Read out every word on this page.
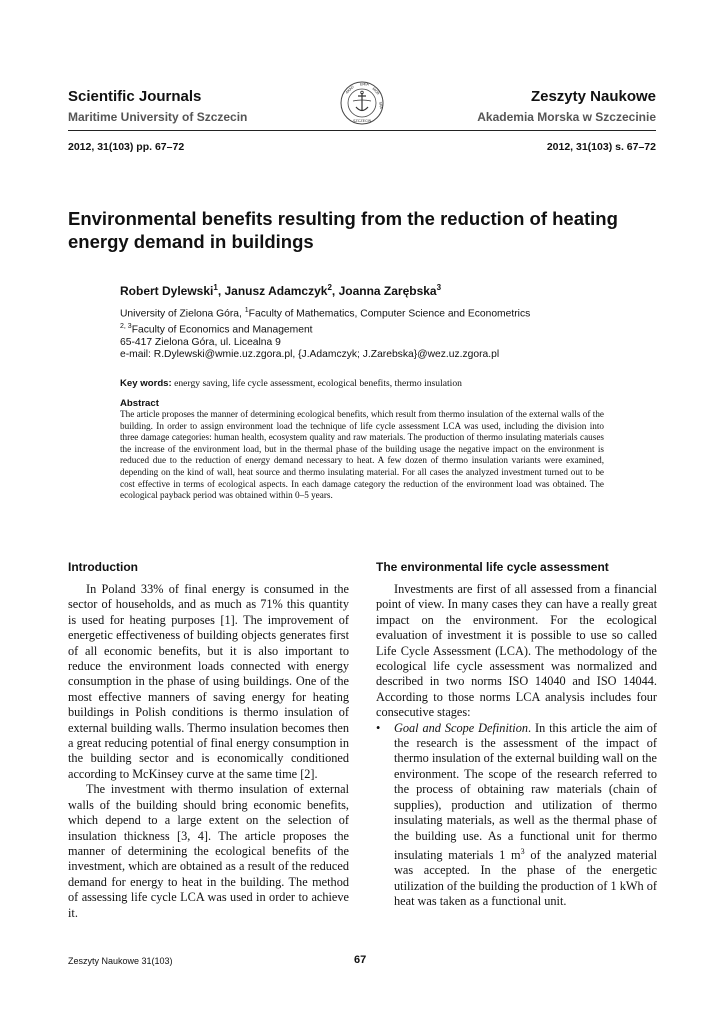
Scientific Journals
Maritime University of Szczecin
AKAD
EMIA
MOR
SKA
SZCZECIN
Zeszyty Naukowe
Akademia Morska w Szczecinie
2012, 31(103) pp. 67–72	2012, 31(103) s. 67–72
Environmental benefits resulting from the reduction of heating energy demand in buildings
Robert Dylewski$^1$, Janusz Adamczyk$^2$, Joanna Zarębska$^3$
University of Zielona Góra, $^1$Faculty of Mathematics, Computer Science and Econometrics
$^{2, 3}$Faculty of Economics and Management
65-417 Zielona Góra, ul. Licealna 9
e-mail: R.Dylewski@wmie.uz.zgora.pl, {J.Adamczyk; J.Zarebska}@wez.uz.zgora.pl
Key words: energy saving, life cycle assessment, ecological benefits, thermo insulation
Abstract
The article proposes the manner of determining ecological benefits, which result from thermo insulation of the external walls of the building. In order to assign environment load the technique of life cycle assessment LCA was used, including the division into three damage categories: human health, ecosystem quality and raw materials. The production of thermo insulating materials causes the increase of the environment load, but in the thermal phase of the building usage the negative impact on the environment is reduced due to the reduction of energy demand necessary to heat. A few dozen of thermo insulation variants were examined, depending on the kind of wall, heat source and thermo insulating material. For all cases the analyzed investment turned out to be cost effective in terms of ecological aspects. In each damage category the reduction of the environment load was obtained. The ecological payback period was obtained within 0–5 years.
Introduction

In Poland 33% of final energy is consumed in the sector of households, and as much as 71% this quantity is used for heating purposes [1]. The improvement of energetic effectiveness of building objects generates first of all economic benefits, but it is also important to reduce the environment loads connected with energy consumption in the phase of using buildings. One of the most effective manners of saving energy for heating buildings in Polish conditions is thermo insulation of external building walls. Thermo insulation becomes then a great reducing potential of final energy consumption in the building sector and is economically conditioned according to McKinsey curve at the same time [2].

The investment with thermo insulation of external walls of the building should bring economic benefits, which depend to a large extent on the selection of insulation thickness [3, 4]. The article proposes the manner of determining the ecological benefits of the investment, which are obtained as a result of the reduced demand for energy to heat in the building. The method of assessing life cycle LCA was used in order to achieve it.

The environmental life cycle assessment

Investments are first of all assessed from a financial point of view. In many cases they can have a really great impact on the environment. For the ecological evaluation of investment it is possible to use so called Life Cycle Assessment (LCA). The methodology of the ecological life cycle assessment was normalized and described in two norms ISO 14040 and ISO 14044. According to those norms LCA analysis includes four consecutive stages:

• Goal and Scope Definition. In this article the aim of the research is the assessment of the impact of thermo insulation of the external building wall on the environment. The scope of the research referred to the process of obtaining raw materials (chain of supplies), production and utilization of thermo insulating materials, as well as the thermal phase of the building use. As a functional unit for thermo insulating materials 1 $m^3$ of the analyzed material was accepted. In the phase of the energetic utilization of the building the production of 1 kWh of heat was taken as a functional unit.
Zeszyty Naukowe 31(103)	67
